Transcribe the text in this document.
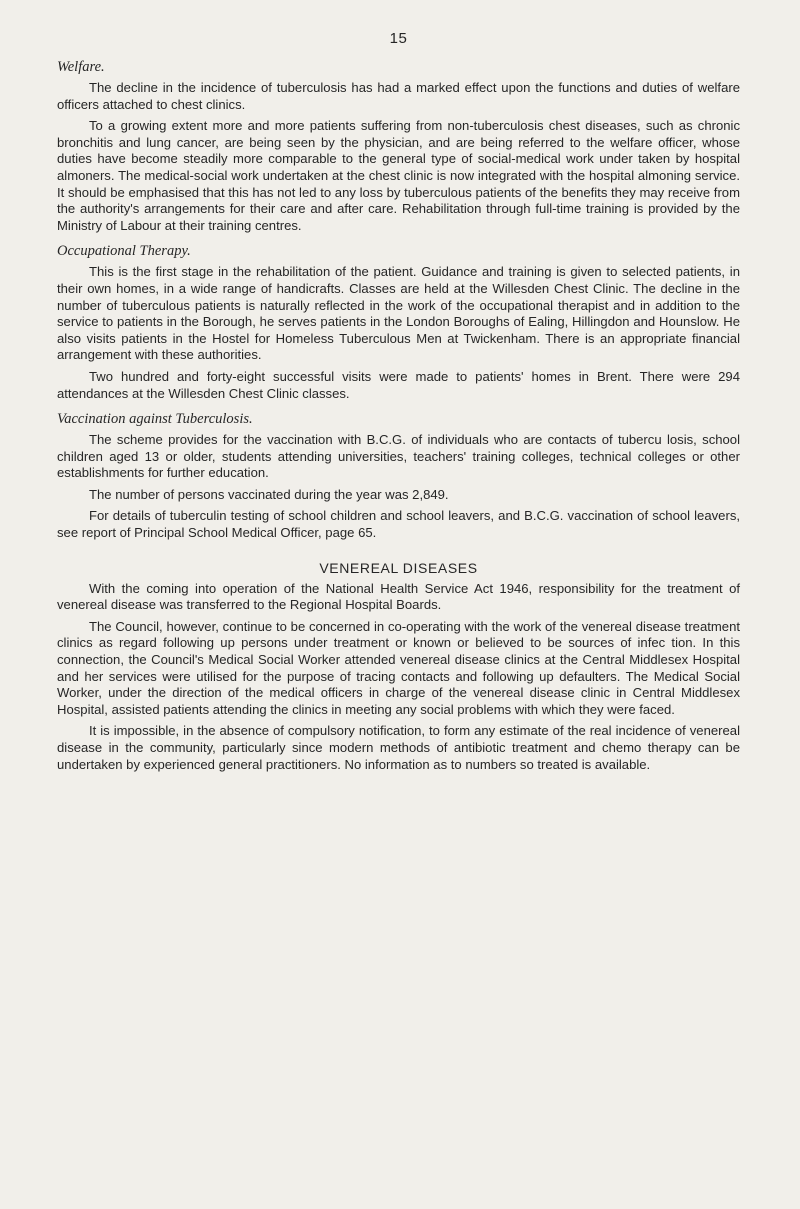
15
Welfare.

The decline in the incidence of tuberculosis has had a marked effect upon the functions and duties of welfare officers attached to chest clinics.

To a growing extent more and more patients suffering from non-tuberculosis chest diseases, such as chronic bronchitis and lung cancer, are being seen by the physician, and are being referred to the welfare officer, whose duties have become steadily more comparable to the general type of social-medical work under taken by hospital almoners. The medical-social work undertaken at the chest clinic is now integrated with the hospital almoning service. It should be emphasised that this has not led to any loss by tuberculous patients of the benefits they may receive from the authority's arrangements for their care and after care. Rehabilitation through full-time training is provided by the Ministry of Labour at their training centres.

Occupational Therapy.

This is the first stage in the rehabilitation of the patient. Guidance and training is given to selected patients, in their own homes, in a wide range of handicrafts. Classes are held at the Willesden Chest Clinic. The decline in the number of tuberculous patients is naturally reflected in the work of the occupational therapist and in addition to the service to patients in the Borough, he serves patients in the London Boroughs of Ealing, Hillingdon and Hounslow. He also visits patients in the Hostel for Homeless Tuberculous Men at Twickenham. There is an appropriate financial arrangement with these authorities.

Two hundred and forty-eight successful visits were made to patients' homes in Brent. There were 294 attendances at the Willesden Chest Clinic classes.

Vaccination against Tuberculosis.

The scheme provides for the vaccination with B.C.G. of individuals who are contacts of tubercu losis, school children aged 13 or older, students attending universities, teachers' training colleges, technical colleges or other establishments for further education.

The number of persons vaccinated during the year was 2,849.

For details of tuberculin testing of school children and school leavers, and B.C.G. vaccination of school leavers, see report of Principal School Medical Officer, page 65.

VENEREAL DISEASES

With the coming into operation of the National Health Service Act 1946, responsibility for the treatment of venereal disease was transferred to the Regional Hospital Boards.

The Council, however, continue to be concerned in co-operating with the work of the venereal disease treatment clinics as regard following up persons under treatment or known or believed to be sources of infec tion. In this connection, the Council's Medical Social Worker attended venereal disease clinics at the Central Middlesex Hospital and her services were utilised for the purpose of tracing contacts and following up defaulters. The Medical Social Worker, under the direction of the medical officers in charge of the venereal disease clinic in Central Middlesex Hospital, assisted patients attending the clinics in meeting any social problems with which they were faced.

It is impossible, in the absence of compulsory notification, to form any estimate of the real incidence of venereal disease in the community, particularly since modern methods of antibiotic treatment and chemo therapy can be undertaken by experienced general practitioners. No information as to numbers so treated is available.
